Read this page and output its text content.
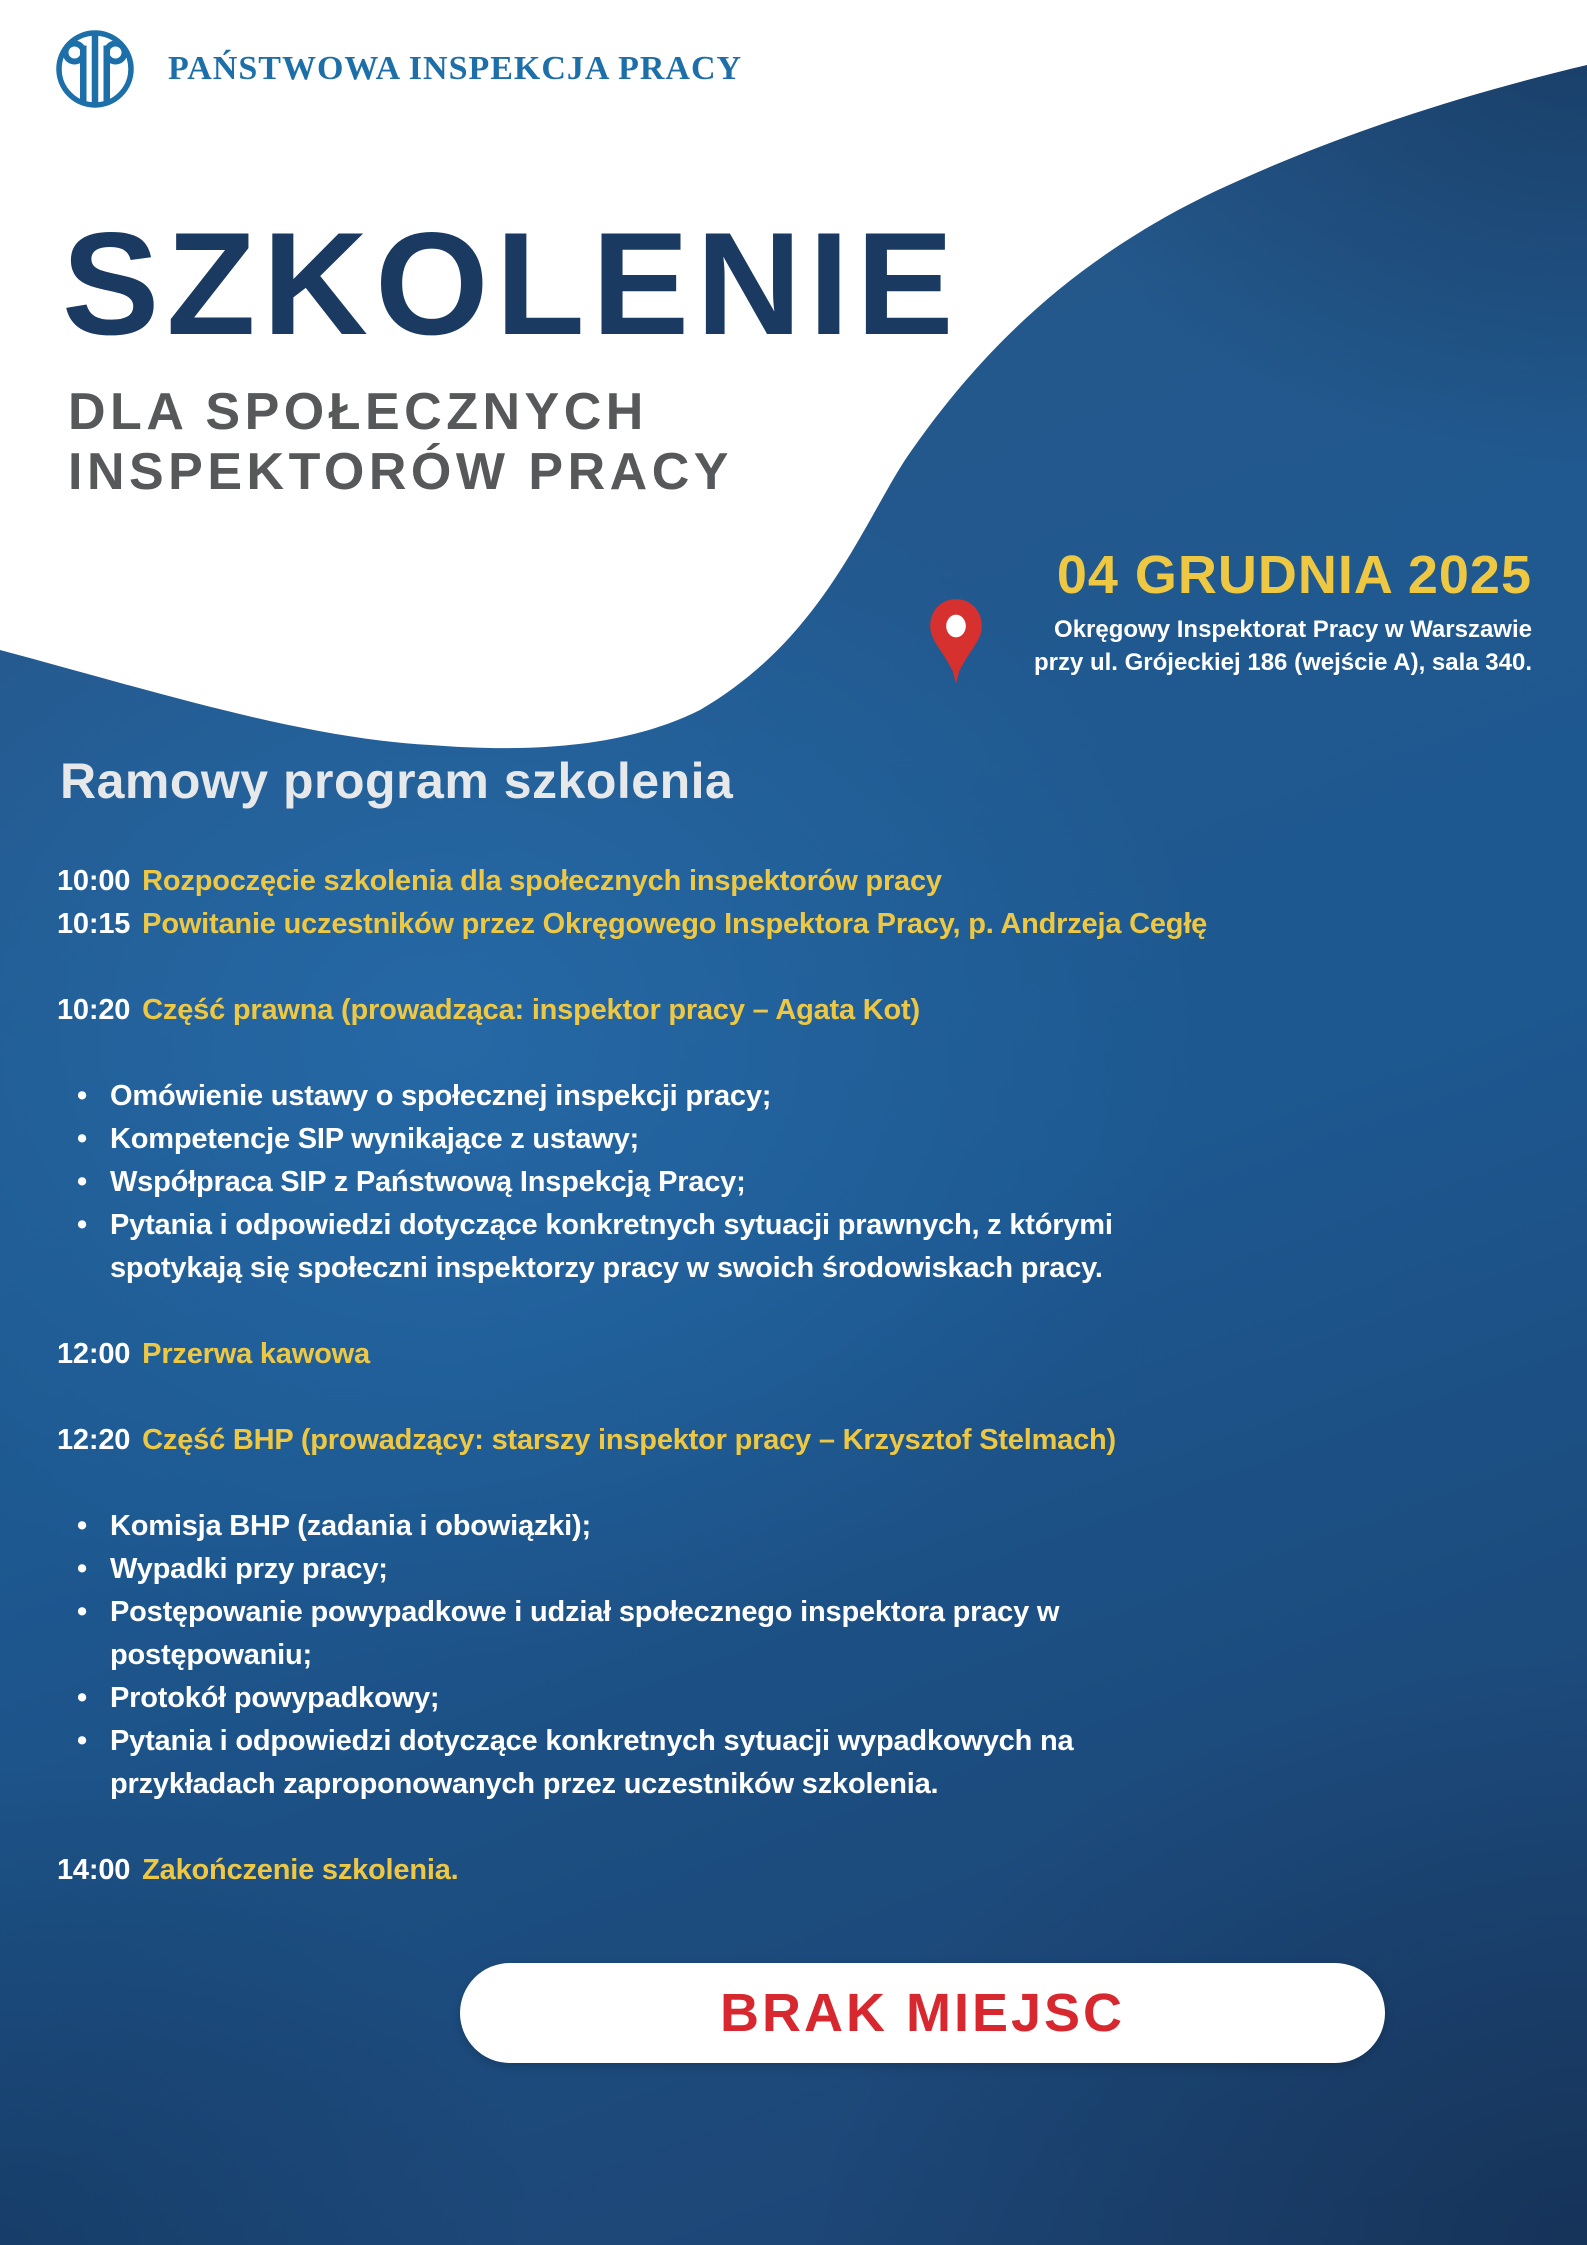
PAŃSTWOWA INSPEKCJA PRACY
SZKOLENIE
DLA SPOŁECZNYCH
INSPEKTORÓW PRACY
04 GRUDNIA 2025
Okręgowy Inspektorat Pracy w Warszawie
przy ul. Grójeckiej 186 (wejście A), sala 340.
Ramowy program szkolenia
10:00 Rozpoczęcie szkolenia dla społecznych inspektorów pracy
10:15 Powitanie uczestników przez Okręgowego Inspektora Pracy, p. Andrzeja Cegłę
10:20 Część prawna (prowadząca: inspektor pracy – Agata Kot)
• Omówienie ustawy o społecznej inspekcji pracy;
• Kompetencje SIP wynikające z ustawy;
• Współpraca SIP z Państwową Inspekcją Pracy;
• Pytania i odpowiedzi dotyczące konkretnych sytuacji prawnych, z którymi
spotykają się społeczni inspektorzy pracy w swoich środowiskach pracy.
12:00 Przerwa kawowa
12:20 Część BHP (prowadzący: starszy inspektor pracy – Krzysztof Stelmach)
• Komisja BHP (zadania i obowiązki);
• Wypadki przy pracy;
• Postępowanie powypadkowe i udział społecznego inspektora pracy w
postępowaniu;
• Protokół powypadkowy;
• Pytania i odpowiedzi dotyczące konkretnych sytuacji wypadkowych na
przykładach zaproponowanych przez uczestników szkolenia.
14:00 Zakończenie szkolenia.
BRAK MIEJSC
